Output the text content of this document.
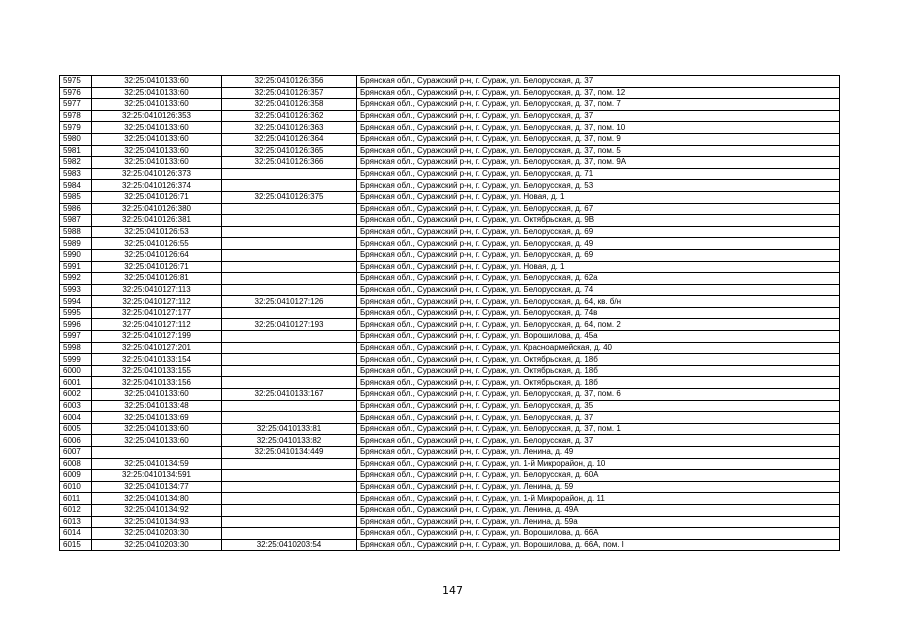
5975	32:25:0410133:60	32:25:0410126:356	Брянская обл., Суражский р-н, г. Сураж, ул. Белорусская, д. 37
5976	32:25:0410133:60	32:25:0410126:357	Брянская обл., Суражский р-н, г. Сураж, ул. Белорусская, д. 37, пом. 12
5977	32:25:0410133:60	32:25:0410126:358	Брянская обл., Суражский р-н, г. Сураж, ул. Белорусская, д. 37, пом. 7
5978	32:25:0410126:353	32:25:0410126:362	Брянская обл., Суражский р-н, г. Сураж, ул. Белорусская, д. 37
5979	32:25:0410133:60	32:25:0410126:363	Брянская обл., Суражский р-н, г. Сураж, ул. Белорусская, д. 37, пом. 10
5980	32:25:0410133:60	32:25:0410126:364	Брянская обл., Суражский р-н, г. Сураж, ул. Белорусская, д. 37, пом. 9
5981	32:25:0410133:60	32:25:0410126:365	Брянская обл., Суражский р-н, г. Сураж, ул. Белорусская, д. 37, пом. 5
5982	32:25:0410133:60	32:25:0410126:366	Брянская обл., Суражский р-н, г. Сураж, ул. Белорусская, д. 37, пом. 9А
5983	32:25:0410126:373		Брянская обл., Суражский р-н, г. Сураж, ул. Белорусская, д. 71
5984	32:25:0410126:374		Брянская обл., Суражский р-н, г. Сураж, ул. Белорусская, д. 53
5985	32:25:0410126:71	32:25:0410126:375	Брянская обл., Суражский р-н, г. Сураж, ул. Новая, д. 1
5986	32:25:0410126:380		Брянская обл., Суражский р-н, г. Сураж, ул. Белорусская, д. 67
5987	32:25:0410126:381		Брянская обл., Суражский р-н, г. Сураж, ул. Октябрьская, д. 9В
5988	32:25:0410126:53		Брянская обл., Суражский р-н, г. Сураж, ул. Белорусская, д. 69
5989	32:25:0410126:55		Брянская обл., Суражский р-н, г. Сураж, ул. Белорусская, д. 49
5990	32:25:0410126:64		Брянская обл., Суражский р-н, г. Сураж, ул. Белорусская, д. 69
5991	32:25:0410126:71		Брянская обл., Суражский р-н, г. Сураж, ул. Новая, д. 1
5992	32:25:0410126:81		Брянская обл., Суражский р-н, г. Сураж, ул. Белорусская, д. 62а
5993	32:25:0410127:113		Брянская обл., Суражский р-н, г. Сураж, ул. Белорусская, д. 74
5994	32:25:0410127:112	32:25:0410127:126	Брянская обл., Суражский р-н, г. Сураж, ул. Белорусская, д. 64, кв. б/н
5995	32:25:0410127:177		Брянская обл., Суражский р-н, г. Сураж, ул. Белорусская, д. 74в
5996	32:25:0410127:112	32:25:0410127:193	Брянская обл., Суражский р-н, г. Сураж, ул. Белорусская, д. 64, пом. 2
5997	32:25:0410127:199		Брянская обл., Суражский р-н, г. Сураж, ул. Ворошилова, д. 45а
5998	32:25:0410127:201		Брянская обл., Суражский р-н, г. Сураж, ул. Красноармейская, д. 40
5999	32:25:0410133:154		Брянская обл., Суражский р-н, г. Сураж, ул. Октябрьская, д. 18б
6000	32:25:0410133:155		Брянская обл., Суражский р-н, г. Сураж, ул. Октябрьская, д. 18б
6001	32:25:0410133:156		Брянская обл., Суражский р-н, г. Сураж, ул. Октябрьская, д. 18б
6002	32:25:0410133:60	32:25:0410133:167	Брянская обл., Суражский р-н, г. Сураж, ул. Белорусская, д. 37, пом. 6
6003	32:25:0410133:48		Брянская обл., Суражский р-н, г. Сураж, ул. Белорусская, д. 35
6004	32:25:0410133:69		Брянская обл., Суражский р-н, г. Сураж, ул. Белорусская, д. 37
6005	32:25:0410133:60	32:25:0410133:81	Брянская обл., Суражский р-н, г. Сураж, ул. Белорусская, д. 37, пом. 1
6006	32:25:0410133:60	32:25:0410133:82	Брянская обл., Суражский р-н, г. Сураж, ул. Белорусская, д. 37
6007		32:25:0410134:449	Брянская обл., Суражский р-н, г. Сураж, ул. Ленина, д. 49
6008	32:25:0410134:59		Брянская обл., Суражский р-н, г. Сураж, ул. 1-й Микрорайон, д. 10
6009	32:25:0410134:591		Брянская обл., Суражский р-н, г. Сураж, ул. Белорусская, д. 60А
6010	32:25:0410134:77		Брянская обл., Суражский р-н, г. Сураж, ул. Ленина, д. 59
6011	32:25:0410134:80		Брянская обл., Суражский р-н, г. Сураж, ул. 1-й Микрорайон, д. 11
6012	32:25:0410134:92		Брянская обл., Суражский р-н, г. Сураж, ул. Ленина, д. 49А
6013	32:25:0410134:93		Брянская обл., Суражский р-н, г. Сураж, ул. Ленина, д. 59а
6014	32:25:0410203:30		Брянская обл., Суражский р-н, г. Сураж, ул. Ворошилова, д. 66А
6015	32:25:0410203:30	32:25:0410203:54	Брянская обл., Суражский р-н, г. Сураж, ул. Ворошилова, д. 66А, пом. I
147
